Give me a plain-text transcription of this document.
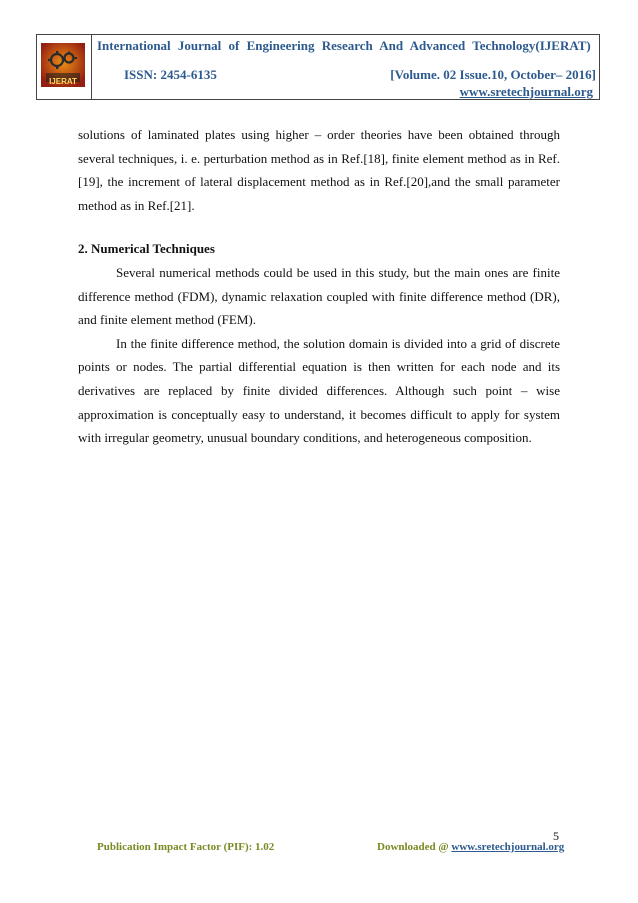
IJERAT
International Journal of Engineering Research And Advanced Technology(IJERAT)
ISSN: 2454-6135	[Volume. 02 Issue.10, October– 2016]
www.sretechjournal.org

solutions of laminated plates using higher – order theories have been obtained through several techniques, i. e. perturbation method as in Ref.[18], finite element method as in Ref.[19], the increment of lateral displacement method as in Ref.[20],and the small parameter method as in Ref.[21].

2. Numerical Techniques

Several numerical methods could be used in this study, but the main ones are finite difference method (FDM), dynamic relaxation coupled with finite difference method (DR), and finite element method (FEM).

In the finite difference method, the solution domain is divided into a grid of discrete points or nodes. The partial differential equation is then written for each node and its derivatives are replaced by finite divided differences. Although such point – wise approximation is conceptually easy to understand, it becomes difficult to apply for system with irregular geometry, unusual boundary conditions, and heterogeneous composition.

5
Publication Impact Factor (PIF): 1.02	Downloaded @ www.sretechjournal.org
